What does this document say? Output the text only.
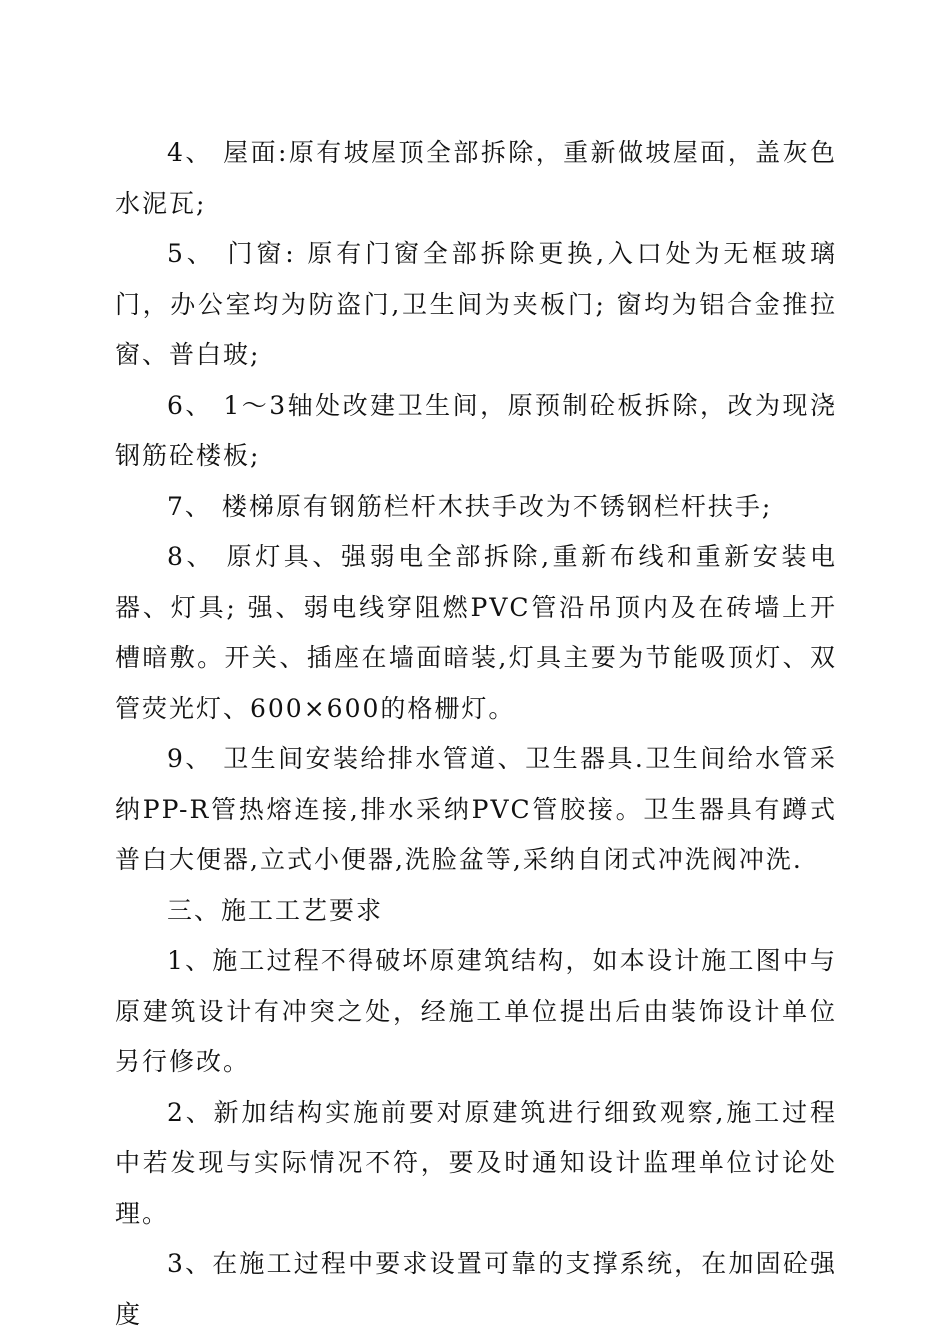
4、 屋面:原有坡屋顶全部拆除，重新做坡屋面，盖灰色水泥瓦;

5、 门窗: 原有门窗全部拆除更换,入口处为无框玻璃门，办公室均为防盗门,卫生间为夹板门; 窗均为铝合金推拉窗、普白玻;

6、 1～3轴处改建卫生间，原预制砼板拆除，改为现浇钢筋砼楼板;

7、 楼梯原有钢筋栏杆木扶手改为不锈钢栏杆扶手;

8、 原灯具、强弱电全部拆除,重新布线和重新安装电器、灯具; 强、弱电线穿阻燃PVC管沿吊顶内及在砖墙上开槽暗敷。开关、插座在墙面暗装,灯具主要为节能吸顶灯、双管荧光灯、600×600的格栅灯。

9、 卫生间安装给排水管道、卫生器具.卫生间给水管采纳PP-R管热熔连接,排水采纳PVC管胶接。卫生器具有蹲式普白大便器,立式小便器,洗脸盆等,采纳自闭式冲洗阀冲洗.

三、施工工艺要求

1、施工过程不得破坏原建筑结构，如本设计施工图中与原建筑设计有冲突之处，经施工单位提出后由装饰设计单位另行修改。

2、新加结构实施前要对原建筑进行细致观察,施工过程中若发现与实际情况不符，要及时通知设计监理单位讨论处理。

3、在施工过程中要求设置可靠的支撑系统，在加固砼强度
